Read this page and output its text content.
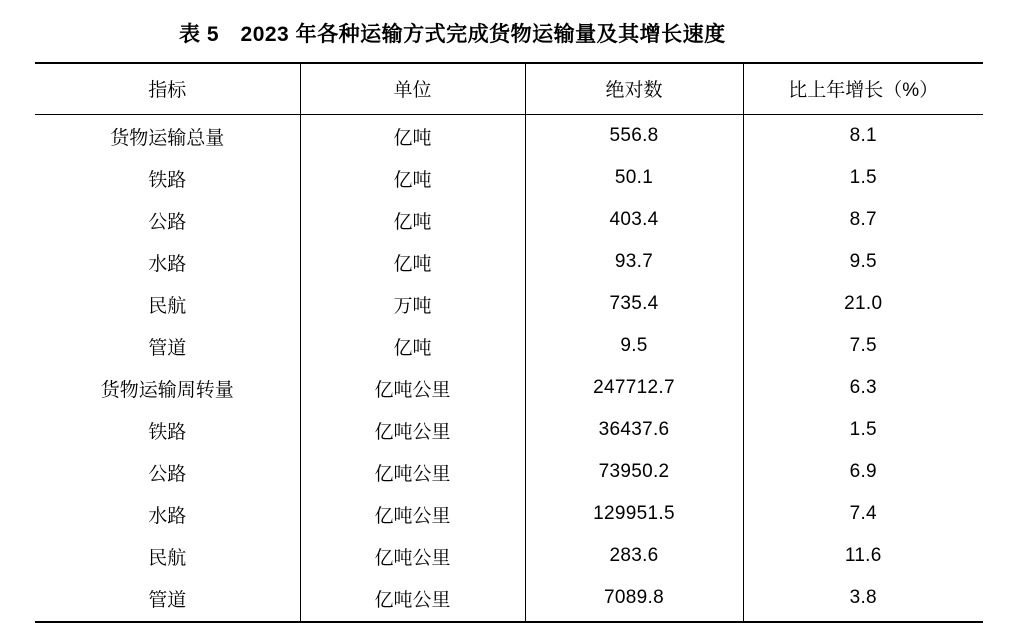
表 5　2023 年各种运输方式完成货物运输量及其增长速度
指标	单位	绝对数	比上年增长（%）
货物运输总量	亿吨	556.8	8.1
铁路	亿吨	50.1	1.5
公路	亿吨	403.4	8.7
水路	亿吨	93.7	9.5
民航	万吨	735.4	21.0
管道	亿吨	9.5	7.5
货物运输周转量	亿吨公里	247712.7	6.3
铁路	亿吨公里	36437.6	1.5
公路	亿吨公里	73950.2	6.9
水路	亿吨公里	129951.5	7.4
民航	亿吨公里	283.6	11.6
管道	亿吨公里	7089.8	3.8
